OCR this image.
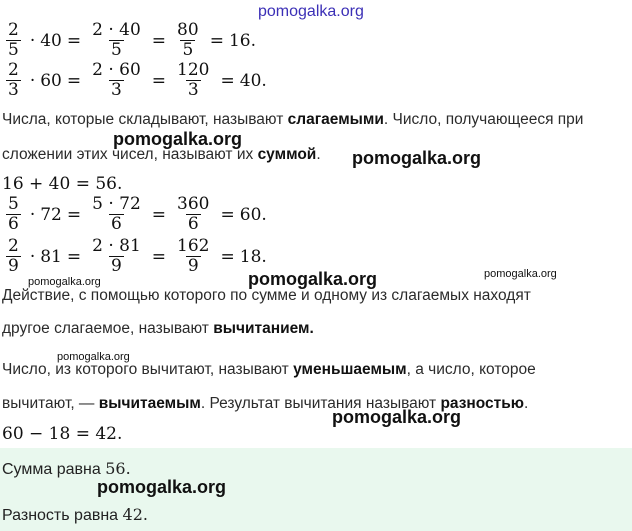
pomogalka.org
$\frac{2}{5} \cdot 40 = \frac{2 \cdot 40}{5} = \frac{80}{5} = 16$.
$\frac{2}{3} \cdot 60 = \frac{2 \cdot 60}{3} = \frac{120}{3} = 40$.
Числа, которые складывают, называют слагаемыми. Число, получающееся при
pomogalka.org
сложении этих чисел, называют их суммой. pomogalka.org
16 + 40 = 56.
$\frac{5}{6} \cdot 72 = \frac{5 \cdot 72}{6} = \frac{360}{6} = 60$.
$\frac{2}{9} \cdot 81 = \frac{2 \cdot 81}{9} = \frac{162}{9} = 18$.
pomogalka.org	pomogalka.org
pomogalka.org
Действие, с помощью которого по сумме и одному из слагаемых находят
другое слагаемое, называют вычитанием.
pomogalka.org
Число, из которого вычитают, называют уменьшаемым, а число, которое
вычитают, — вычитаемым. Результат вычитания называют разностью.
pomogalka.org
60 − 18 = 42.
Сумма равна 56.
pomogalka.org
Разность равна 42.
